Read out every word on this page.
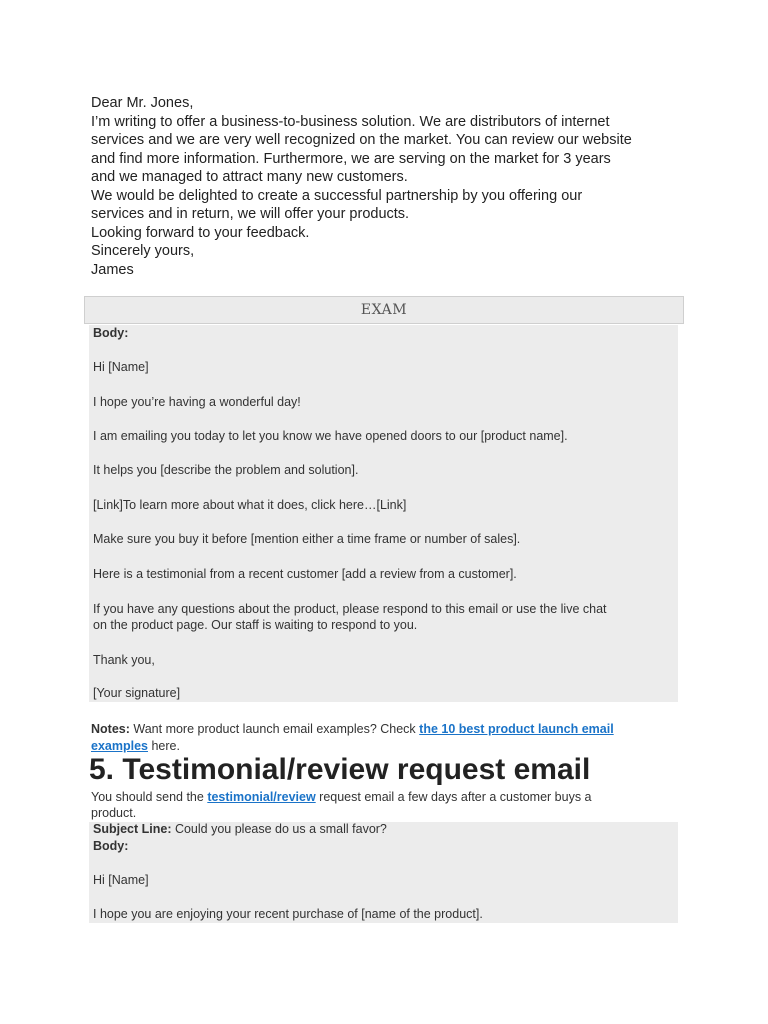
Dear Mr. Jones,

I’m writing to offer a business-to-business solution. We are distributors of internet

services and we are very well recognized on the market. You can review our website

and find more information. Furthermore, we are serving on the market for 3 years

and we managed to attract many new customers.

We would be delighted to create a successful partnership by you offering our

services and in return, we will offer your products.

Looking forward to your feedback.

Sincerely yours,

James

EXAM

Body:

Hi [Name]

I hope you’re having a wonderful day!

I am emailing you today to let you know we have opened doors to our [product name].

It helps you [describe the problem and solution].

[Link]To learn more about what it does, click here…[Link]

Make sure you buy it before [mention either a time frame or number of sales].

Here is a testimonial from a recent customer [add a review from a customer].

If you have any questions about the product, please respond to this email or use the live chat

on the product page. Our staff is waiting to respond to you.

Thank you,

[Your signature]

Notes: Want more product launch email examples? Check the 10 best product launch email
examples here.
5. Testimonial/review request email
You should send the testimonial/review request email a few days after a customer buys a
product.

Subject Line: Could you please do us a small favor?

Body:

Hi [Name]

I hope you are enjoying your recent purchase of [name of the product].
